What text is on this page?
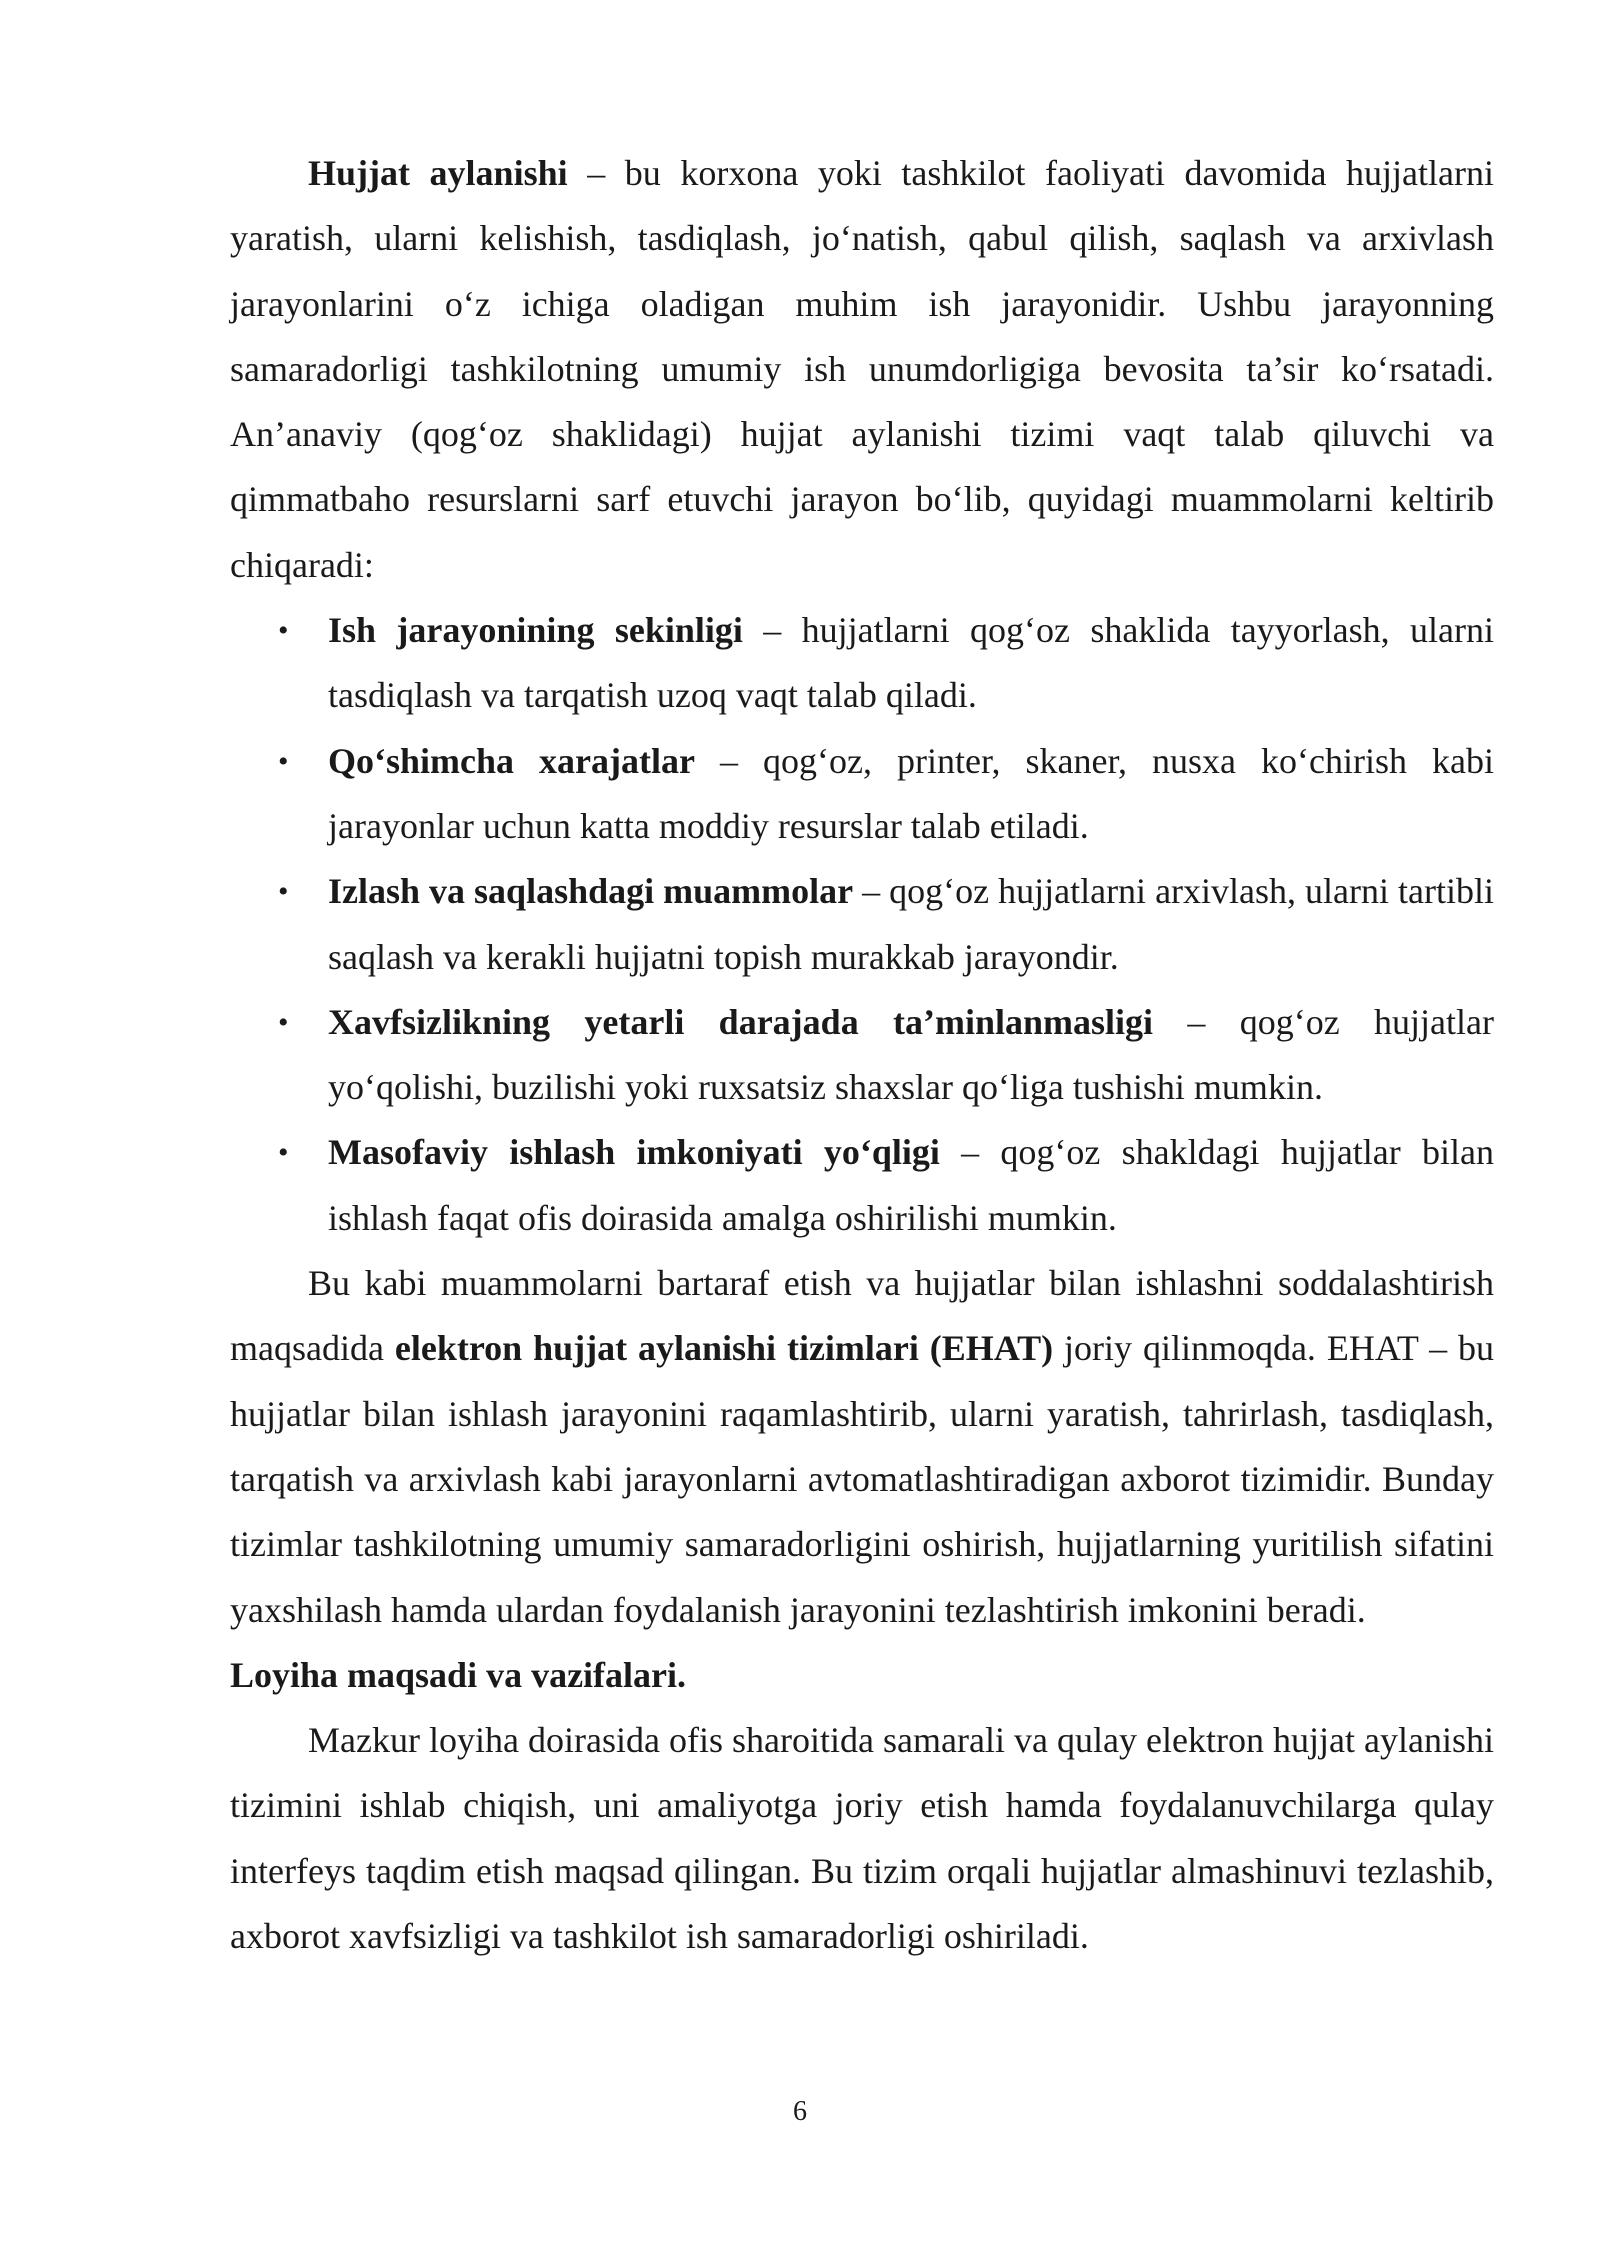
Hujjat aylanishi – bu korxona yoki tashkilot faoliyati davomida hujjatlarni yaratish, ularni kelishish, tasdiqlash, jo‘natish, qabul qilish, saqlash va arxivlash jarayonlarini o‘z ichiga oladigan muhim ish jarayonidir. Ushbu jarayonning samaradorligi tashkilotning umumiy ish unumdorligiga bevosita ta’sir ko‘rsatadi. An’anaviy (qog‘oz shaklidagi) hujjat aylanishi tizimi vaqt talab qiluvchi va qimmatbaho resurslarni sarf etuvchi jarayon bo‘lib, quyidagi muammolarni keltirib chiqaradi:

• Ish jarayonining sekinligi – hujjatlarni qog‘oz shaklida tayyorlash, ularni tasdiqlash va tarqatish uzoq vaqt talab qiladi.
• Qo‘shimcha xarajatlar – qog‘oz, printer, skaner, nusxa ko‘chirish kabi jarayonlar uchun katta moddiy resurslar talab etiladi.
• Izlash va saqlashdagi muammolar – qog‘oz hujjatlarni arxivlash, ularni tartibli saqlash va kerakli hujjatni topish murakkab jarayondir.
• Xavfsizlikning yetarli darajada ta’minlanmasligi – qog‘oz hujjatlar yo‘qolishi, buzilishi yoki ruxsatsiz shaxslar qo‘liga tushishi mumkin.
• Masofaviy ishlash imkoniyati yo‘qligi – qog‘oz shakldagi hujjatlar bilan ishlash faqat ofis doirasida amalga oshirilishi mumkin.

Bu kabi muammolarni bartaraf etish va hujjatlar bilan ishlashni soddalashtirish maqsadida elektron hujjat aylanishi tizimlari (EHAT) joriy qilinmoqda. EHAT – bu hujjatlar bilan ishlash jarayonini raqamlashtirib, ularni yaratish, tahrirlash, tasdiqlash, tarqatish va arxivlash kabi jarayonlarni avtomatlashtiradigan axborot tizimidir. Bunday tizimlar tashkilotning umumiy samaradorligini oshirish, hujjatlarning yuritilish sifatini yaxshilash hamda ulardan foydalanish jarayonini tezlashtirish imkonini beradi.

Loyiha maqsadi va vazifalari.

Mazkur loyiha doirasida ofis sharoitida samarali va qulay elektron hujjat aylanishi tizimini ishlab chiqish, uni amaliyotga joriy etish hamda foydalanuvchilarga qulay interfeys taqdim etish maqsad qilingan. Bu tizim orqali hujjatlar almashinuvi tezlashib, axborot xavfsizligi va tashkilot ish samaradorligi oshiriladi.

6
